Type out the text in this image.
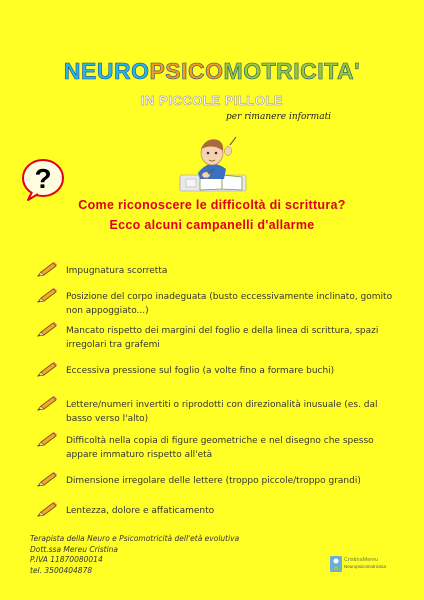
NEUROPSICOMOTRICITA'
IN PICCOLE PILLOLE
per rimanere informati
?
Come riconoscere le difficoltà di scrittura?
Ecco alcuni campanelli d'allarme
Impugnatura scorretta
Posizione del corpo inadeguata (busto eccessivamente inclinato, gomito non appoggiato...)
Mancato rispetto dei margini del foglio e della linea di scrittura, spazi irregolari tra grafemi
Eccessiva pressione sul foglio (a volte fino a formare buchi)
Lettere/numeri invertiti o riprodotti con direzionalità inusuale (es. dal basso verso l'alto)
Difficoltà nella copia di figure geometriche e nel disegno che spesso appare immaturo rispetto all'età
Dimensione irregolare delle lettere (troppo piccole/troppo grandi)
Lentezza, dolore e affaticamento
Terapista della Neuro e Psicomotricità dell'età evolutiva
Dott.ssa Mereu Cristina
P.IVA 11870080014
tel. 3500404878
CristinaMereu
Neuropsicomotricista
